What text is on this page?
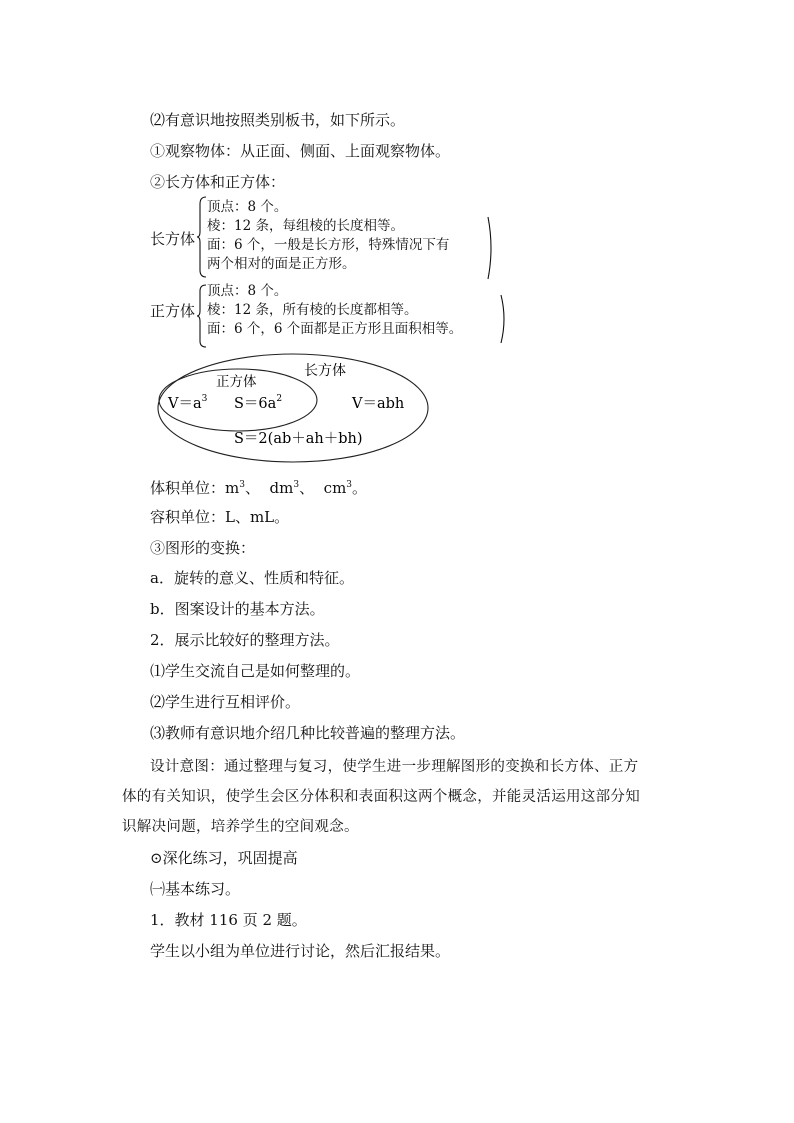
⑵有意识地按照类别板书，如下所示。
①观察物体：从正面、侧面、上面观察物体。
②长方体和正方体：
长方体
顶点：8 个。
棱：12 条，每组棱的长度相等。
面：6 个，一般是长方形，特殊情况下有
两个相对的面是正方形。
正方体
顶点：8 个。
棱：12 条，所有棱的长度都相等。
面：6 个，6 个面都是正方形且面积相等。
长方体
正方体
$V=a^3$ $S=6a^2$	V＝abh
S＝2(ab＋ah＋bh)
体积单位：$m^3$、 $dm^3$、 $cm^3$。
容积单位：L、mL。
③图形的变换：
a．旋转的意义、性质和特征。
b．图案设计的基本方法。
2．展示比较好的整理方法。
⑴学生交流自己是如何整理的。
⑵学生进行互相评价。
⑶教师有意识地介绍几种比较普遍的整理方法。
设计意图：通过整理与复习，使学生进一步理解图形的变换和长方体、正方
体的有关知识，使学生会区分体积和表面积这两个概念，并能灵活运用这部分知
识解决问题，培养学生的空间观念。
⊙深化练习，巩固提高
㈠基本练习。
1．教材 116 页 2 题。
学生以小组为单位进行讨论，然后汇报结果。
